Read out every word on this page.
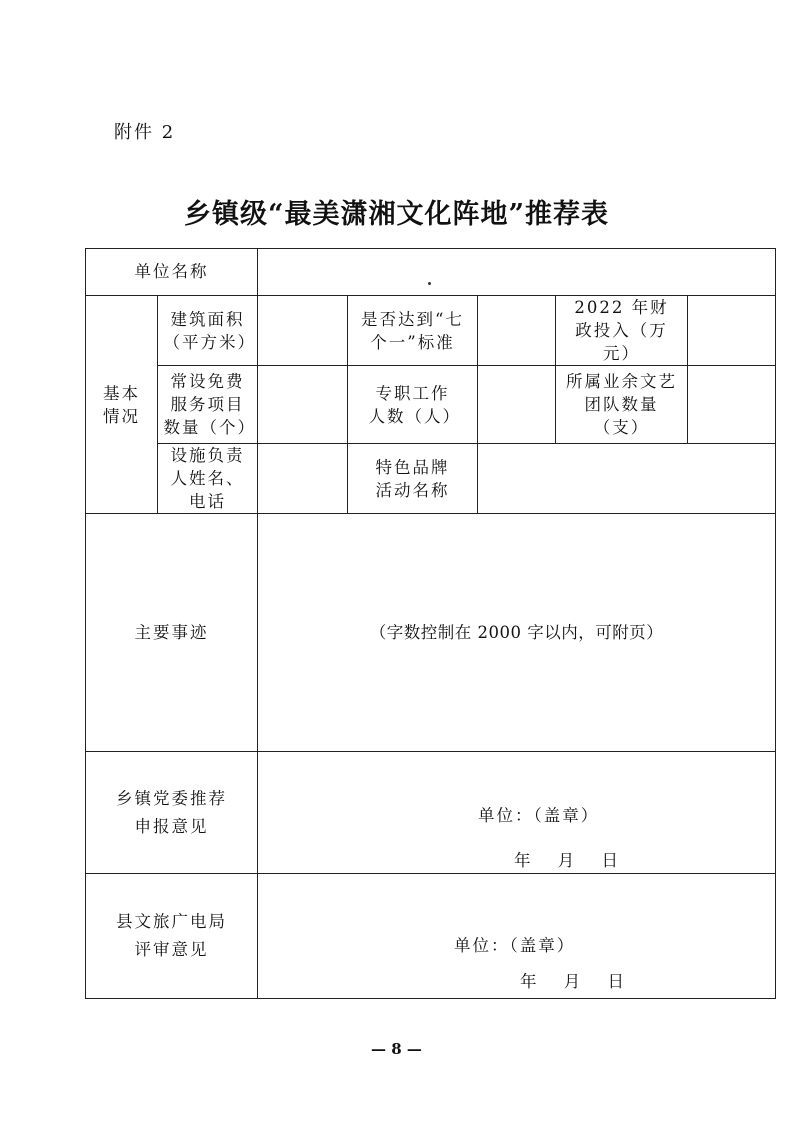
附件 2
乡镇级“最美潇湘文化阵地”推荐表
单位名称						
基本情况	建筑面积（平方米）		是否达到“七个一”标准		2022 年财政投入（万元）	
	常设免费服务项目数量（个）		专职工作人数（人）		所属业余文艺团队数量（支）	
	设施负责人姓名、电话		特色品牌活动名称			
主要事迹		（字数控制在 2000 字以内，可附页）				

乡镇党委推荐申报意见		单位：（盖章）
年 月 日				

县文旅广电局评审意见		单位：（盖章）
年 月 日				
— 8 —
